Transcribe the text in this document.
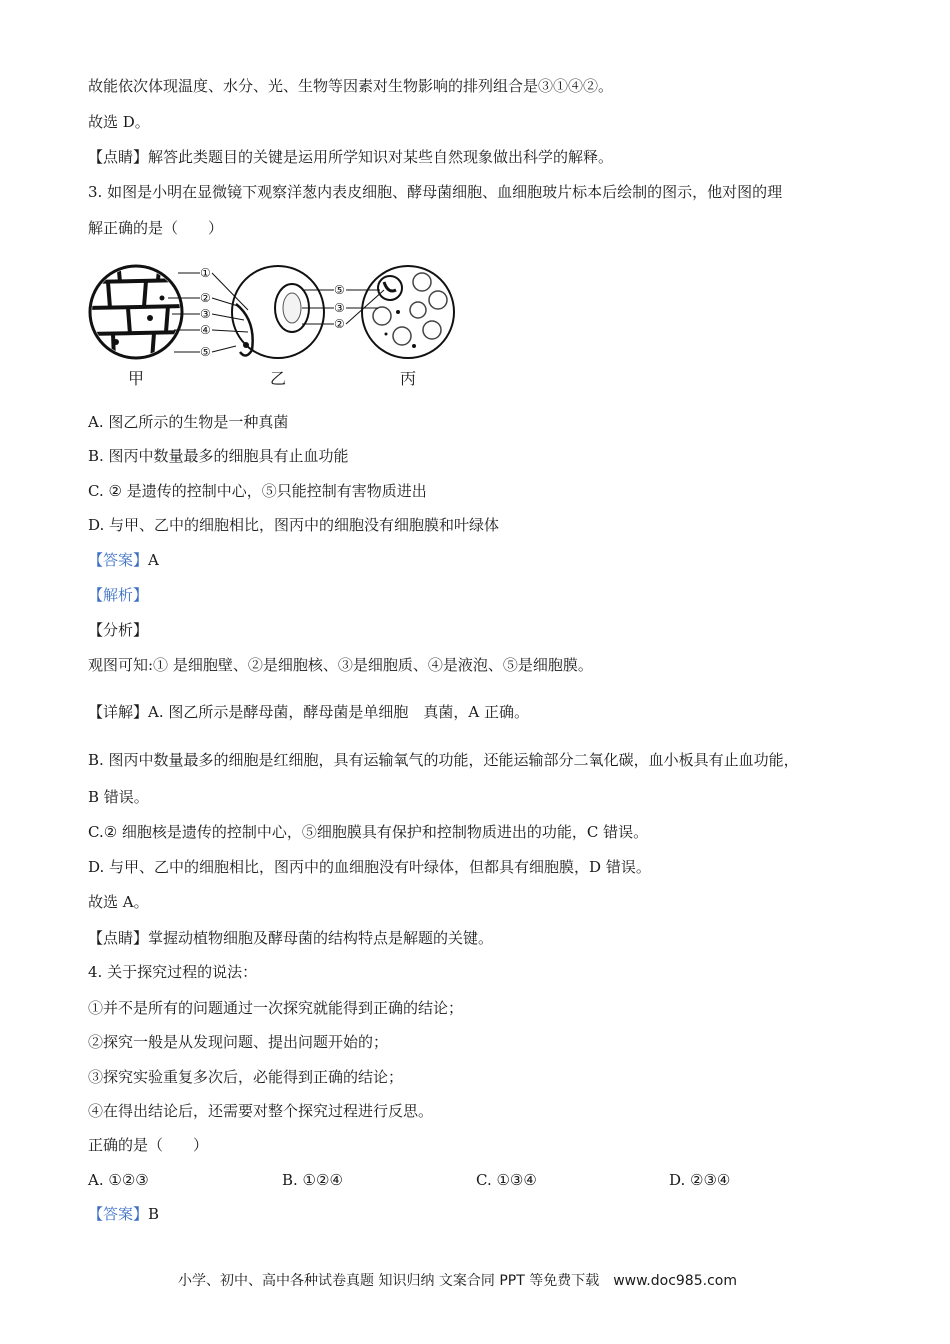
故能依次体现温度、水分、光、生物等因素对生物影响的排列组合是③①④②。
故选 D。
【点睛】解答此类题目的关键是运用所学知识对某些自然现象做出科学的解释。
3. 如图是小明在显微镜下观察洋葱内表皮细胞、酵母菌细胞、血细胞玻片标本后绘制的图示，他对图的理
解正确的是（　　）
①
②
③
④
⑤
⑤
③
②
甲	乙	丙
A. 图乙所示的生物是一种真菌
B. 图丙中数量最多的细胞具有止血功能
C. ② 是遗传的控制中心，⑤只能控制有害物质进出
D. 与甲、乙中的细胞相比，图丙中的细胞没有细胞膜和叶绿体
【答案】A
【解析】
【分析】
观图可知:① 是细胞壁、②是细胞核、③是细胞质、④是液泡、⑤是细胞膜。
【详解】A. 图乙所示是酵母菌，酵母菌是单细胞　真菌，A 正确。
B. 图丙中数量最多的细胞是红细胞，具有运输氧气的功能，还能运输部分二氧化碳，血小板具有止血功能，
B 错误。
C.② 细胞核是遗传的控制中心，⑤细胞膜具有保护和控制物质进出的功能，C 错误。
D. 与甲、乙中的细胞相比，图丙中的血细胞没有叶绿体，但都具有细胞膜，D 错误。
故选 A。
【点睛】掌握动植物细胞及酵母菌的结构特点是解题的关键。
4. 关于探究过程的说法：
①并不是所有的问题通过一次探究就能得到正确的结论；
②探究一般是从发现问题、提出问题开始的；
③探究实验重复多次后，必能得到正确的结论；
④在得出结论后，还需要对整个探究过程进行反思。
正确的是（　　）
A. ①②③	B. ①②④	C. ①③④	D. ②③④
【答案】B
小学、初中、高中各种试卷真题 知识归纳 文案合同 PPT 等免费下载　www.doc985.com
